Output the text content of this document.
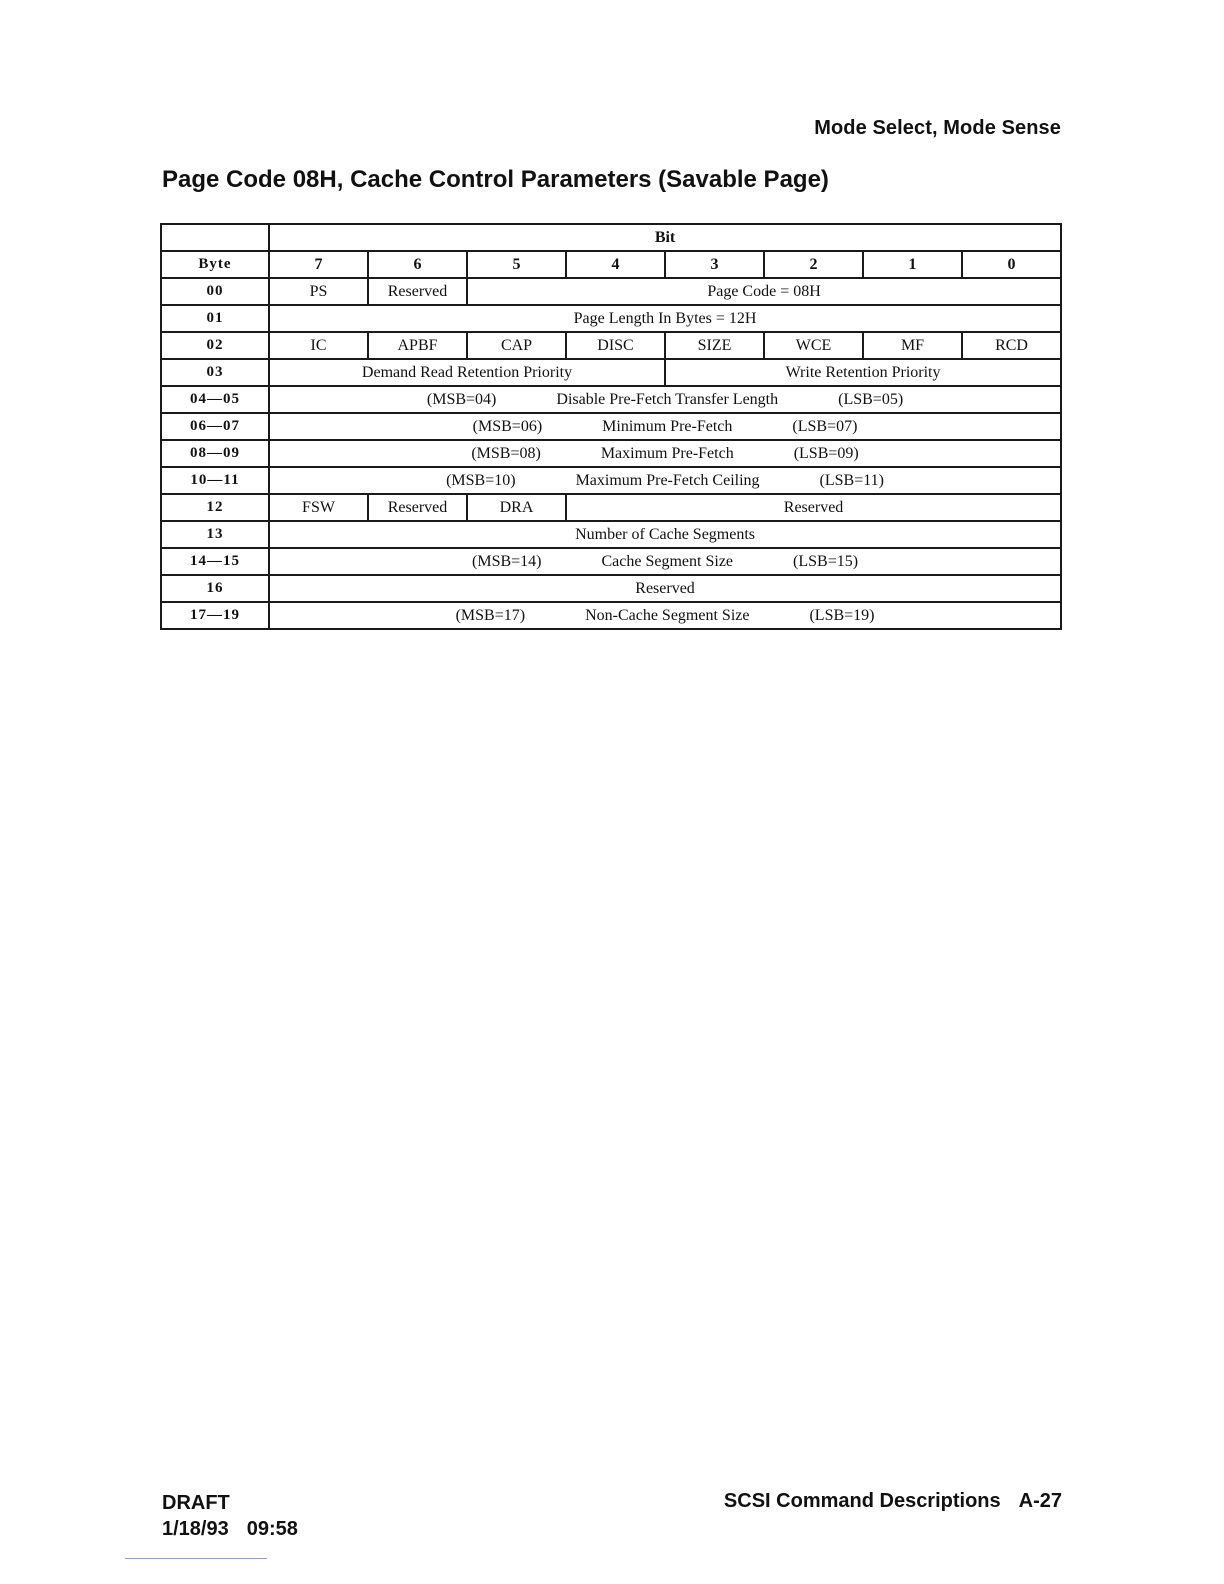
Mode Select, Mode Sense
Page Code 08H, Cache Control Parameters (Savable Page)
	Bit							
Byte	7	6	5	4	3	2	1	0
00	PS	Reserved	Page Code = 08H					
01	Page Length In Bytes = 12H							
02	IC	APBF	CAP	DISC	SIZE	WCE	MF	RCD
03	Demand Read Retention Priority				Write Retention Priority			
04—05	(MSB=04) Disable Pre-Fetch Transfer Length (LSB=05)							
06—07	(MSB=06) Minimum Pre-Fetch (LSB=07)							
08—09	(MSB=08) Maximum Pre-Fetch (LSB=09)							
10—11	(MSB=10) Maximum Pre-Fetch Ceiling (LSB=11)							
12	FSW	Reserved	DRA	Reserved				
13	Number of Cache Segments							
14—15	(MSB=14) Cache Segment Size (LSB=15)							
16	Reserved							
17—19	(MSB=17) Non-Cache Segment Size (LSB=19)							
DRAFT
1/18/93 09:58
SCSI Command Descriptions A-27
